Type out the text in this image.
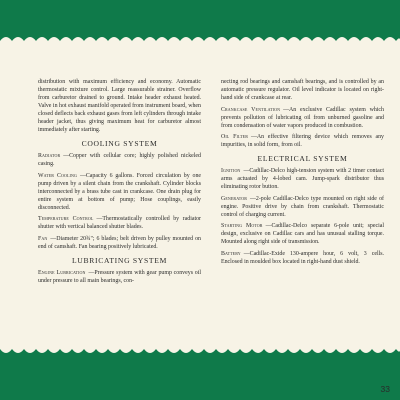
distribution with maximum efficiency and economy. Automatic thermostatic mixture control. Large reassurable strainer. Overflow from carburetor drained to ground. Intake header exhaust heated. Valve in hot exhaust manifold operated from instrument board, when closed deflects back exhaust gases from left cylinders through intake header jacket, thus giving maximum heat for carburetor almost immediately after starting.

COOLING SYSTEM

Radiator —Copper with cellular core; highly polished nickeled casing.

Water Cooling —Capacity 6 gallons. Forced circulation by one pump driven by a silent chain from the crankshaft. Cylinder blocks interconnected by a brass tube cast in crankcase. One drain plug for entire system at bottom of pump; Hose couplings, easily disconnected.

Temperature Control —Thermostatically controlled by radiator shutter with vertical balanced shutter blades.

Fan —Diameter 20¾"; 6 blades; belt driven by pulley mounted on end of camshaft. Fan bearing positively lubricated.

LUBRICATING SYSTEM

Engine Lubrication —Pressure system with gear pump conveys oil under pressure to all main bearings, con-

necting rod bearings and camshaft bearings, and is controlled by an automatic pressure regulator. Oil level indicator is located on right-hand side of crankcase at rear.

Crankcase Ventilation —An exclusive Cadillac system which prevents pollution of lubricating oil from unburned gasoline and from condensation of water vapors produced in combustion.

Oil Filter —An effective filtering device which removes any impurities, in solid form, from oil.

ELECTRICAL SYSTEM

Ignition —Cadillac-Delco high-tension system with 2 timer contact arms actuated by 4-lobed cam. Jump-spark distributor thus eliminating rotor button.

Generator —2-pole Cadillac-Delco type mounted on right side of engine. Positive drive by chain from crankshaft. Thermostatic control of charging current.

Starting Motor —Cadillac-Delco separate 6-pole unit; special design, exclusive on Cadillac cars and has unusual stalling torque. Mounted along right side of transmission.

Battery —Cadillac-Exide 130-ampere hour, 6 volt, 3 cells. Enclosed in moulded box located in right-hand dust shield.

33
